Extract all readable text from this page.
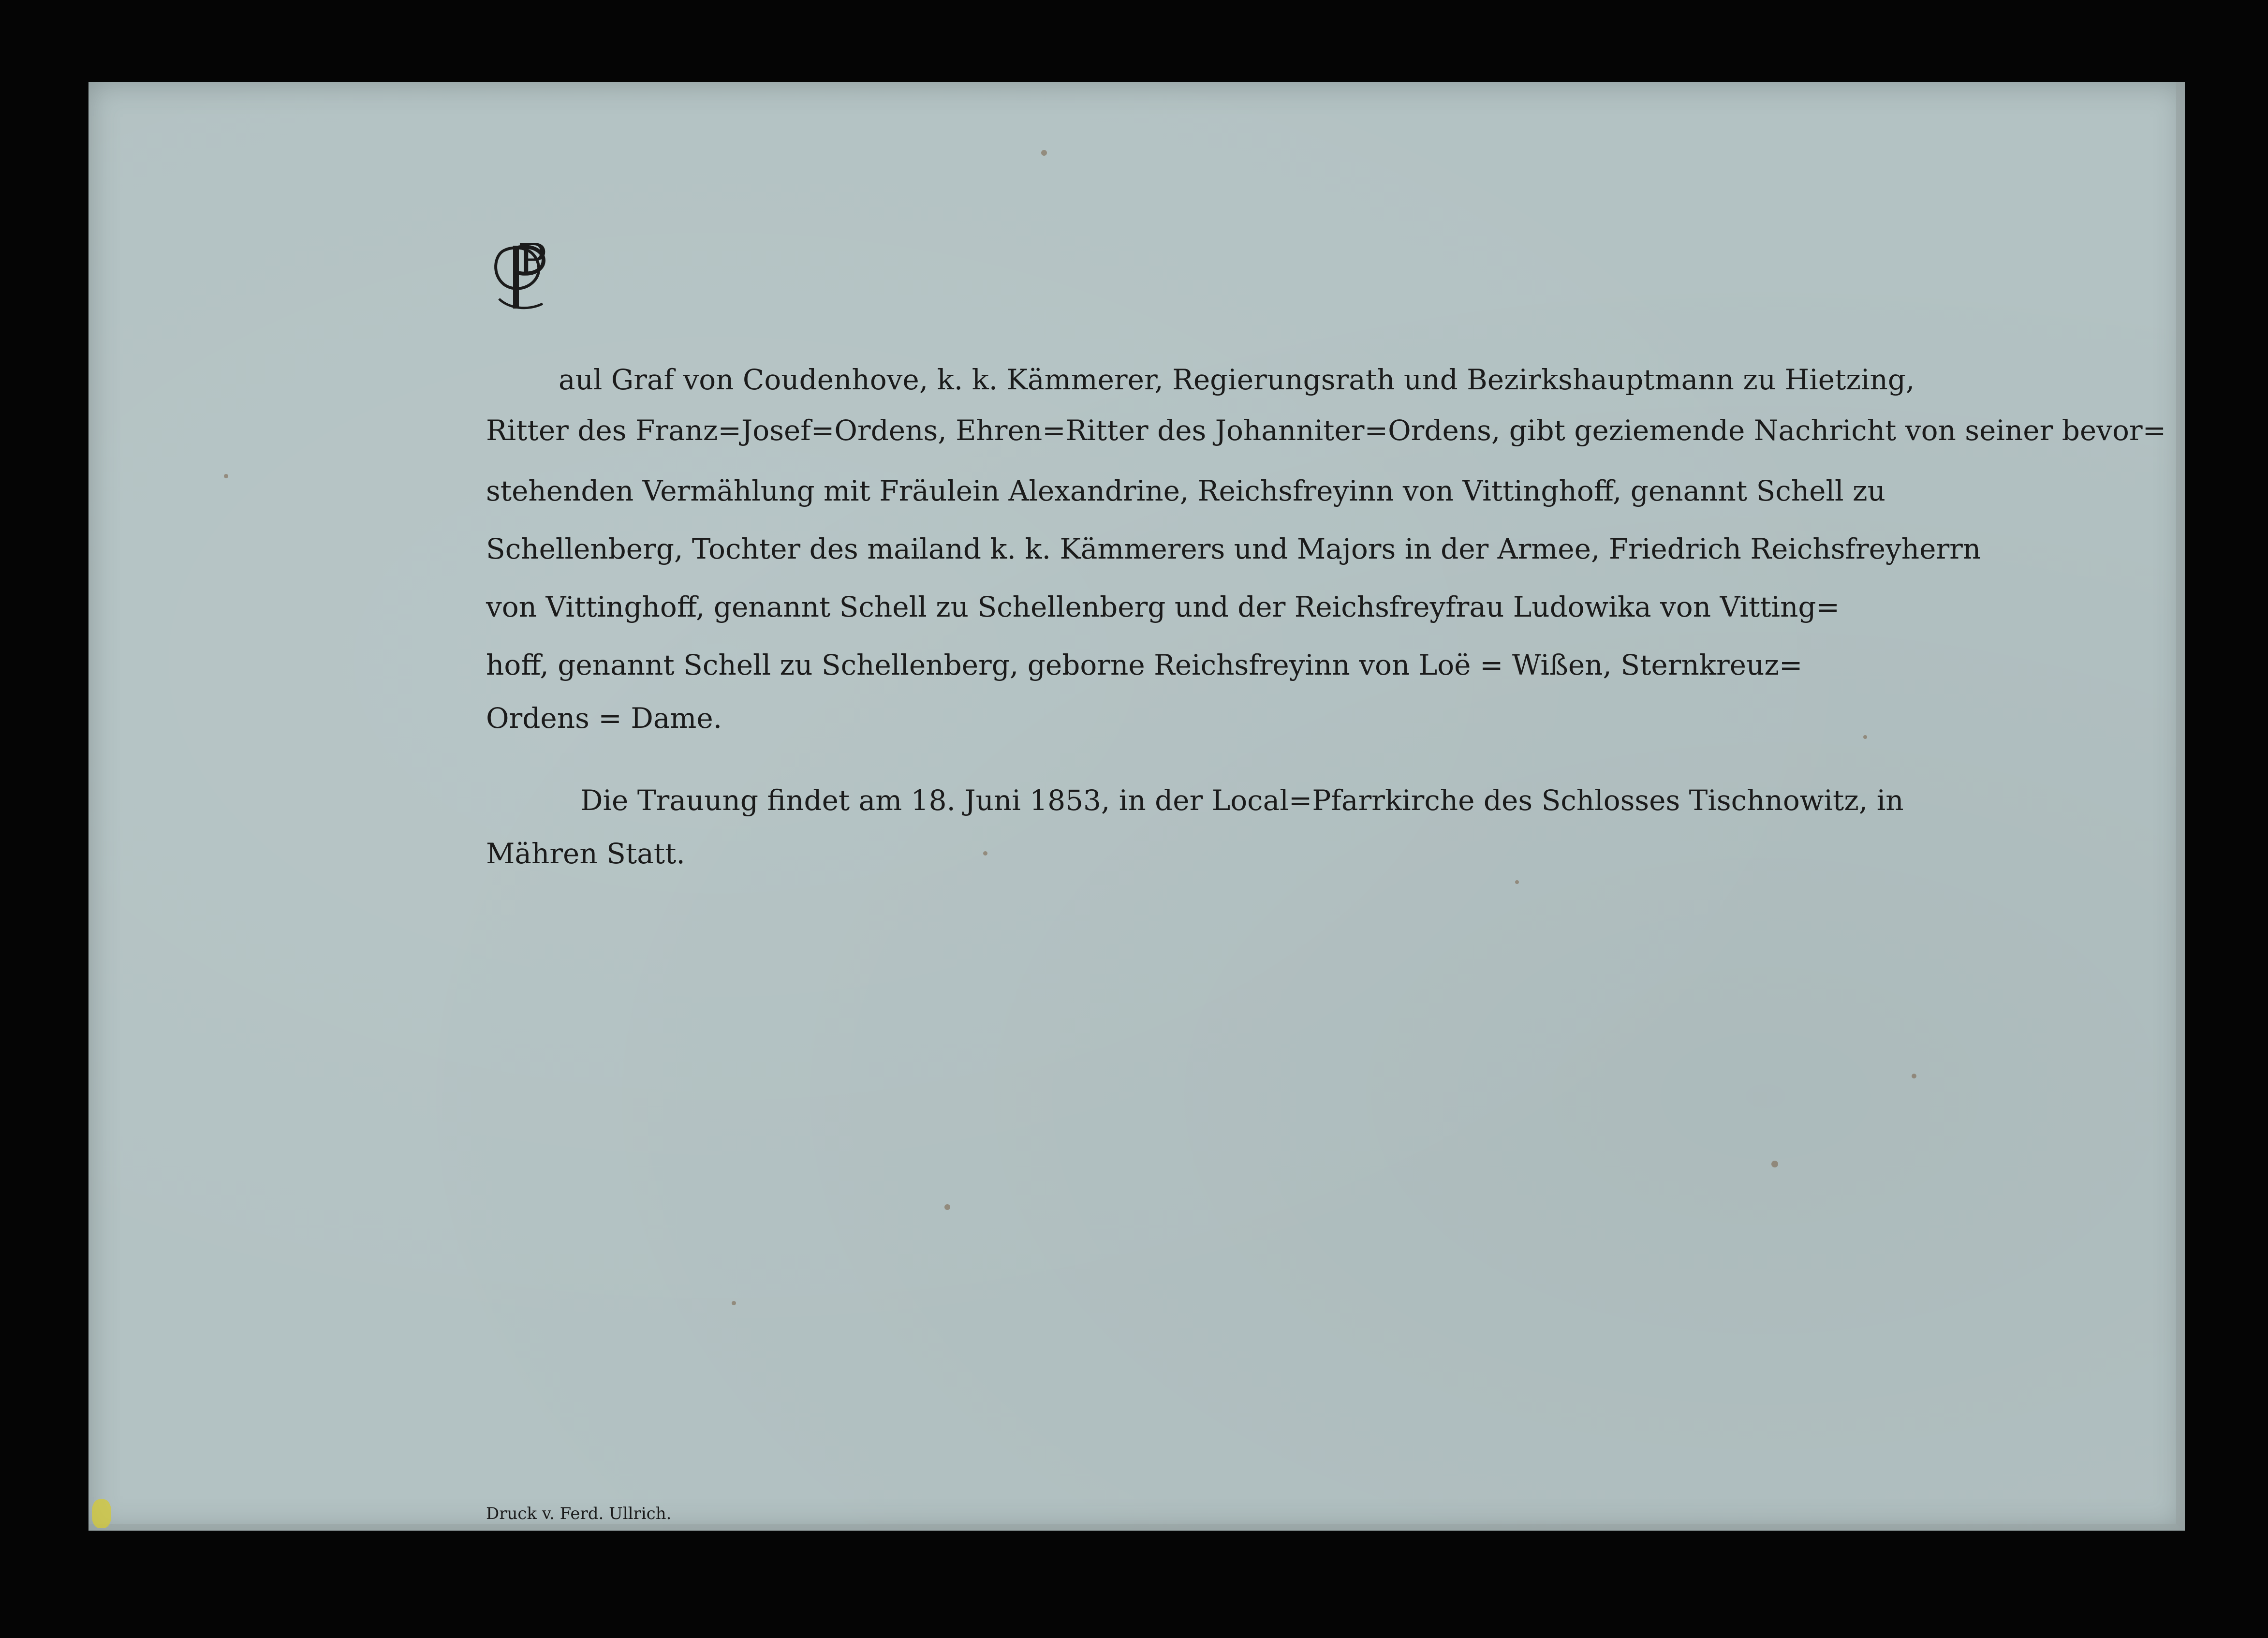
P
aul Graf von Coudenhove, k. k. Kämmerer, Regierungsrath und Bezirkshauptmann zu Hietzing,
Ritter des Franz=Josef=Ordens, Ehren=Ritter des Johanniter=Ordens, gibt geziemende Nachricht von seiner bevor=
stehenden Vermählung mit Fräulein Alexandrine, Reichsfreyinn von Vittinghoff, genannt Schell zu
Schellenberg, Tochter des mailand k. k. Kämmerers und Majors in der Armee, Friedrich Reichsfreyherrn
von Vittinghoff, genannt Schell zu Schellenberg und der Reichsfreyfrau Ludowika von Vitting=
hoff, genannt Schell zu Schellenberg, geborne Reichsfreyinn von Loë = Wißen, Sternkreuz=
Ordens = Dame.
Die Trauung findet am 18. Juni 1853, in der Local=Pfarrkirche des Schlosses Tischnowitz, in
Mähren Statt.
Druck v. Ferd. Ullrich.
